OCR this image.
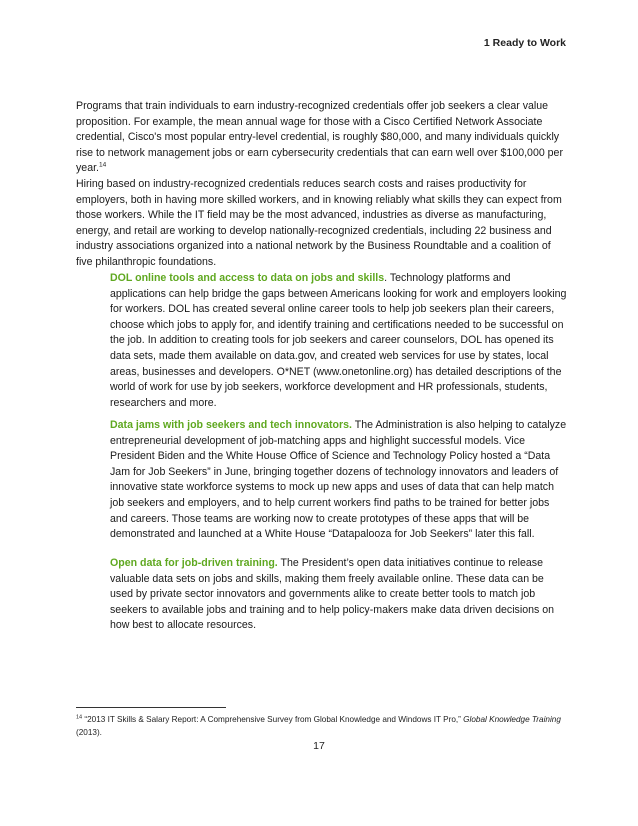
1 Ready to Work

Programs that train individuals to earn industry-recognized credentials offer job seekers a clear value proposition. For example, the mean annual wage for those with a Cisco Certified Network Associate credential, Cisco's most popular entry-level credential, is roughly $80,000, and many individuals quickly rise to network management jobs or earn cybersecurity credentials that can earn well over $100,000 per year.$^{14}$

Hiring based on industry-recognized credentials reduces search costs and raises productivity for employers, both in having more skilled workers, and in knowing reliably what skills they can expect from those workers. While the IT field may be the most advanced, industries as diverse as manufacturing, energy, and retail are working to develop nationally-recognized credentials, including 22 business and industry associations organized into a national network by the Business Roundtable and a coalition of five philanthropic foundations.

DOL online tools and access to data on jobs and skills. Technology platforms and applications can help bridge the gaps between Americans looking for work and employers looking for workers. DOL has created several online career tools to help job seekers plan their careers, choose which jobs to apply for, and identify training and certifications needed to be successful on the job. In addition to creating tools for job seekers and career counselors, DOL has opened its data sets, made them available on data.gov, and created web services for use by states, local areas, businesses and developers. O*NET (www.onetonline.org) has detailed descriptions of the world of work for use by job seekers, workforce development and HR professionals, students, researchers and more.

Data jams with job seekers and tech innovators. The Administration is also helping to catalyze entrepreneurial development of job-matching apps and highlight successful models. Vice President Biden and the White House Office of Science and Technology Policy hosted a “Data Jam for Job Seekers” in June, bringing together dozens of technology innovators and leaders of innovative state workforce systems to mock up new apps and uses of data that can help match job seekers and employers, and to help current workers find paths to be trained for better jobs and careers. Those teams are working now to create prototypes of these apps that will be demonstrated and launched at a White House “Datapalooza for Job Seekers” later this fall.

Open data for job-driven training. The President’s open data initiatives continue to release valuable data sets on jobs and skills, making them freely available online. These data can be used by private sector innovators and governments alike to create better tools to match job seekers to available jobs and training and to help policy-makers make data driven decisions on how best to allocate resources.

$^{14}$ “2013 IT Skills & Salary Report: A Comprehensive Survey from Global Knowledge and Windows IT Pro,” Global Knowledge Training (2013).

17
